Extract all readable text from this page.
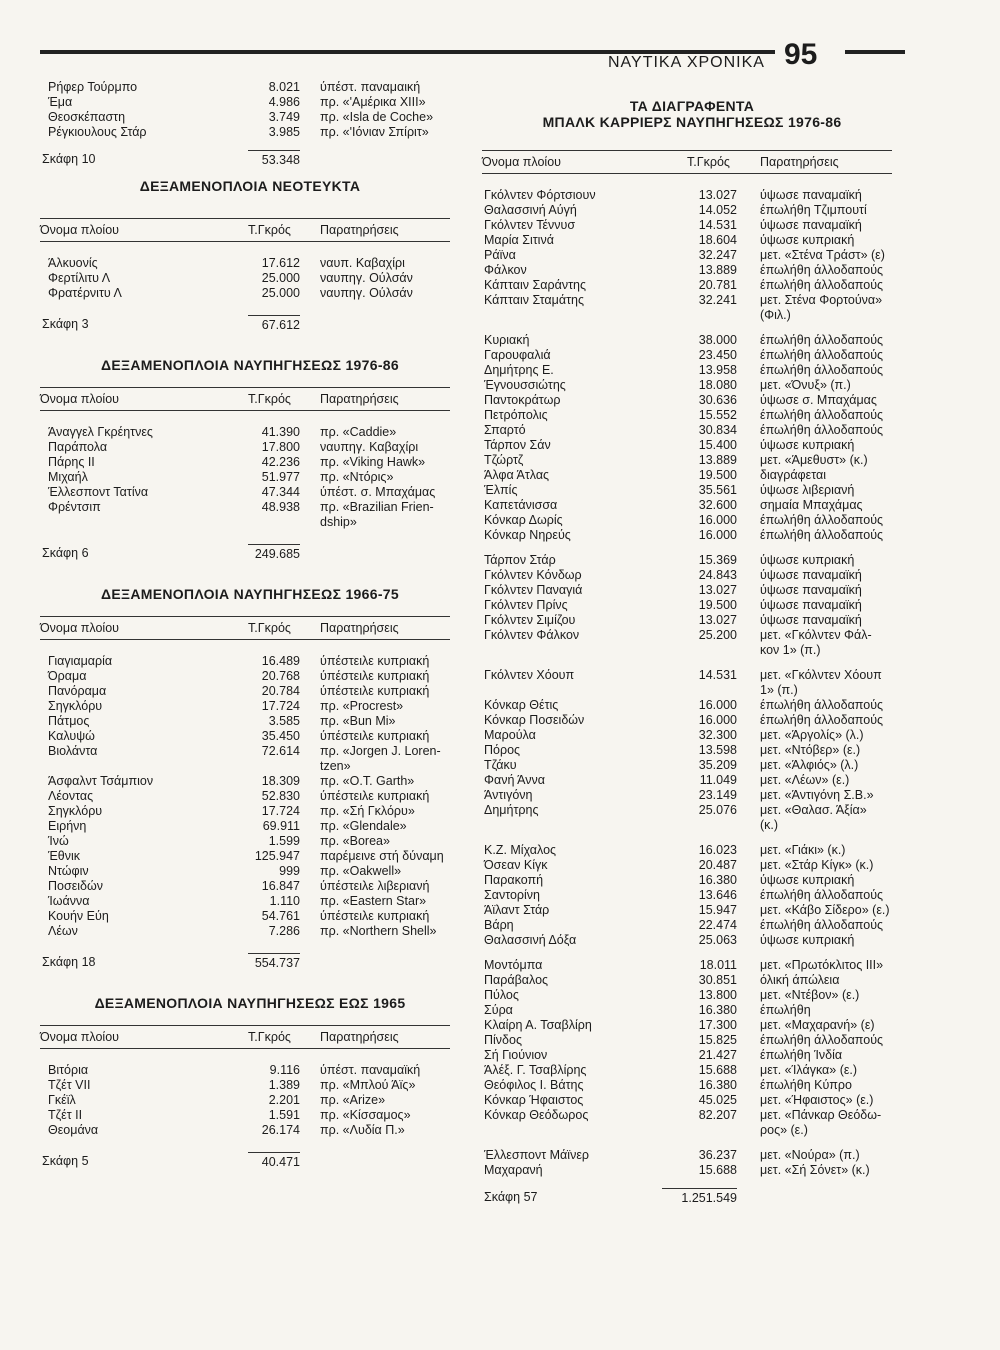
ΝΑΥΤΙΚΑ ΧΡΟΝΙΚΑ 95
Ρήφερ Τούρμπο	8.021 ύπέστ. παναμαική
Έμα	4.986 πρ. «'Αμέρικα XIII»
Θεοσκέπαστη	3.749 πρ. «Isla de Coche»
Ρέγκιουλους Στάρ	3.985 πρ. «'Ιόνιαν Σπίριτ»
Σκάφη 10	53.348
ΔΕΞΑΜΕΝΟΠΛΟΙΑ ΝΕΟΤΕΥΚΤΑ
Όνομα πλοίου	Τ.Γκρός Παρατηρήσεις
Άλκυονίς	17.612 ναυπ. Καβαχίρι
Φερτίλιτυ Λ	25.000 ναυπηγ. Ούλσάν
Φρατέρνιτυ Λ	25.000 ναυπηγ. Ούλσάν
Σκάφη 3	67.612
ΔΕΞΑΜΕΝΟΠΛΟΙΑ ΝΑΥΠΗΓΗΣΕΩΣ 1976-86
Όνομα πλοίου	Τ.Γκρός Παρατηρήσεις
Άναγγελ Γκρέητνες	41.390 πρ. «Caddie»
Παράπολα	17.800 ναυπηγ. Καβαχίρι
Πάρης ΙΙ	42.236 πρ. «Viking Hawk»
Μιχαήλ	51.977 πρ. «Ντόρις»
Έλλεσποντ Τατίνα	47.344 ύπέστ. σ. Μπαχάμας
Φρέντσιπ	48.938 πρ. «Brazilian Frien-
dship»
Σκάφη 6	249.685
ΔΕΞΑΜΕΝΟΠΛΟΙΑ ΝΑΥΠΗΓΗΣΕΩΣ 1966-75
Όνομα πλοίου	Τ.Γκρός Παρατηρήσεις
Γιαγιαμαρία	16.489 ύπέστειλε κυπριακή
Όραμα	20.768 ύπέστειλε κυπριακή
Πανόραμα	20.784 ύπέστειλε κυπριακή
Σηγκλόρυ	17.724 πρ. «Procrest»
Πάτμος	3.585 πρ. «Bun Mi»
Καλυψώ	35.450 ύπέστειλε κυπριακή
Βιολάντα	72.614 πρ. «Jorgen J. Loren-
tzen»
Άσφαλντ Τσάμπιον	18.309 πρ. «O.T. Garth»
Λέοντας	52.830 ύπέστειλε κυπριακή
Σηγκλόρυ	17.724 πρ. «Σή Γκλόρυ»
Ειρήνη	69.911 πρ. «Glendale»
Ίνώ	1.599 πρ. «Borea»
Έθνικ	125.947 παρέμεινε στή δύναμη
Ντώφιν	999 πρ. «Oakwell»
Ποσειδών	16.847 ύπέστειλε λιβεριανή
Ίωάννα	1.110 πρ. «Eastern Star»
Κουήν Εύη	54.761 ύπέστειλε κυπριακή
Λέων	7.286 πρ. «Northern Shell»
Σκάφη 18	554.737
ΔΕΞΑΜΕΝΟΠΛΟΙΑ ΝΑΥΠΗΓΗΣΕΩΣ ΕΩΣ 1965
Όνομα πλοίου	Τ.Γκρός Παρατηρήσεις
Βιτόρια	9.116 ύπέστ. παναμαϊκή
Τζέτ VII	1.389 πρ. «Μπλού Άϊς»
Γκέϊλ	2.201 πρ. «Arize»
Τζέτ ΙΙ	1.591 πρ. «Κίσσαμος»
Θεομάνα	26.174 πρ. «Λυδία Π.»
Σκάφη 5	40.471
ΤΑ ΔΙΑΓΡΑΦΕΝΤΑ
ΜΠΑΛΚ ΚΑΡΡΙΕΡΣ ΝΑΥΠΗΓΗΣΕΩΣ 1976-86
Όνομα πλοίου	Τ.Γκρός Παρατηρήσεις
Γκόλντεν Φόρτσιουν	13.027 ύψωσε παναμαϊκή
Θαλασσινή Αύγή	14.052 έπωλήθη Τζιμπουτί
Γκόλντεν Τέννυσ	14.531 ύψωσε παναμαϊκή
Μαρία Σιτινά	18.604 ύψωσε κυπριακή
Ράϊνα	32.247 μετ. «Στένα Τράστ» (ε)
Φάλκον	13.889 έπωλήθη άλλοδαπούς
Κάπταιν Σαράντης	20.781 έπωλήθη άλλοδαπούς
Κάπταιν Σταμάτης	32.241 μετ. Στένα Φορτούνα»
(Φιλ.)
Κυριακή	38.000 έπωλήθη άλλοδαπούς
Γαρουφαλιά	23.450 έπωλήθη άλλοδαπούς
Δημήτρης Ε.	13.958 έπωλήθη άλλοδαπούς
Έγνουσσιώτης	18.080 μετ. «Όνυξ» (π.)
Παντοκράτωρ	30.636 ύψωσε σ. Μπαχάμας
Πετρόπολις	15.552 έπωλήθη άλλοδαπούς
Σπαρτό	30.834 έπωλήθη άλλοδαπούς
Τάρπον Σάν	15.400 ύψωσε κυπριακή
Τζώρτζ	13.889 μετ. «Άμεθυστ» (κ.)
Άλφα Άτλας	19.500 διαγράφεται
Έλπίς	35.561 ύψωσε λιβεριανή
Καπετάνισσα	32.600 σημαία Μπαχάμας
Κόνκαρ Δωρίς	16.000 έπωλήθη άλλοδαπούς
Κόνκαρ Νηρεύς	16.000 έπωλήθη άλλοδαπούς
Τάρπον Στάρ	15.369 ύψωσε κυπριακή
Γκόλντεν Κόνδωρ	24.843 ύψωσε παναμαϊκή
Γκόλντεν Παναγιά	13.027 ύψωσε παναμαϊκή
Γκόλντεν Πρίνς	19.500 ύψωσε παναμαϊκή
Γκόλντεν Σιμίζου	13.027 ύψωσε παναμαϊκή
Γκόλντεν Φάλκον	25.200 μετ. «Γκόλντεν Φάλ-
κον 1» (π.)
Γκόλντεν Χόουπ	14.531 μετ. «Γκόλντεν Χόουπ
1» (π.)
Κόνκαρ Θέτις	16.000 έπωλήθη άλλοδαπούς
Κόνκαρ Ποσειδών	16.000 έπωλήθη άλλοδαπούς
Μαρούλα	32.300 μετ. «Άργολίς» (λ.)
Πόρος	13.598 μετ. «Ντόβερ» (ε.)
Τζάκυ	35.209 μετ. «Άλφιός» (λ.)
Φανή Άννα	11.049 μετ. «Λέων» (ε.)
Άντιγόνη	23.149 μετ. «Άντιγόνη Σ.Β.»
Δημήτρης	25.076 μετ. «Θαλασ. Άξία»
(κ.)
Κ.Ζ. Μίχαλος	16.023 μετ. «Γιάκι» (κ.)
Όσεαν Κίγκ	20.487 μετ. «Στάρ Κίγκ» (κ.)
Παρακοπή	16.380 ύψωσε κυπριακή
Σαντορίνη	13.646 έπωλήθη άλλοδαπούς
Άϊλαντ Στάρ	15.947 μετ. «Κάβο Σίδερο» (ε.)
Βάρη	22.474 έπωλήθη άλλοδαπούς
Θαλασσινή Δόξα	25.063 ύψωσε κυπριακή
Μοντόμπα	18.011 μετ. «Πρωτόκλιτος ΙΙΙ»
Παράβαλος	30.851 όλική άπώλεια
Πύλος	13.800 μετ. «Ντέβον» (ε.)
Σύρα	16.380 έπωλήθη
Κλαίρη Α. Τσαβλίρη	17.300 μετ. «Μαχαρανή» (ε)
Πίνδος	15.825 έπωλήθη άλλοδαπούς
Σή Γιούνιον	21.427 έπωλήθη Ίνδία
Άλέξ. Γ. Τσαβλίρης	15.688 μετ. «Ίλάγκα» (ε.)
Θεόφιλος Ι. Βάτης	16.380 έπωλήθη Κύπρο
Κόνκαρ Ήφαιστος	45.025 μετ. «Ήφαιστος» (ε.)
Κόνκαρ Θεόδωρος	82.207 μετ. «Πάνκαρ Θεόδω-
ρος» (ε.)
Έλλεσποντ Μάϊνερ	36.237 μετ. «Νούρα» (π.)
Μαχαρανή	15.688 μετ. «Σή Σόνετ» (κ.)
Σκάφη 57	1.251.549
